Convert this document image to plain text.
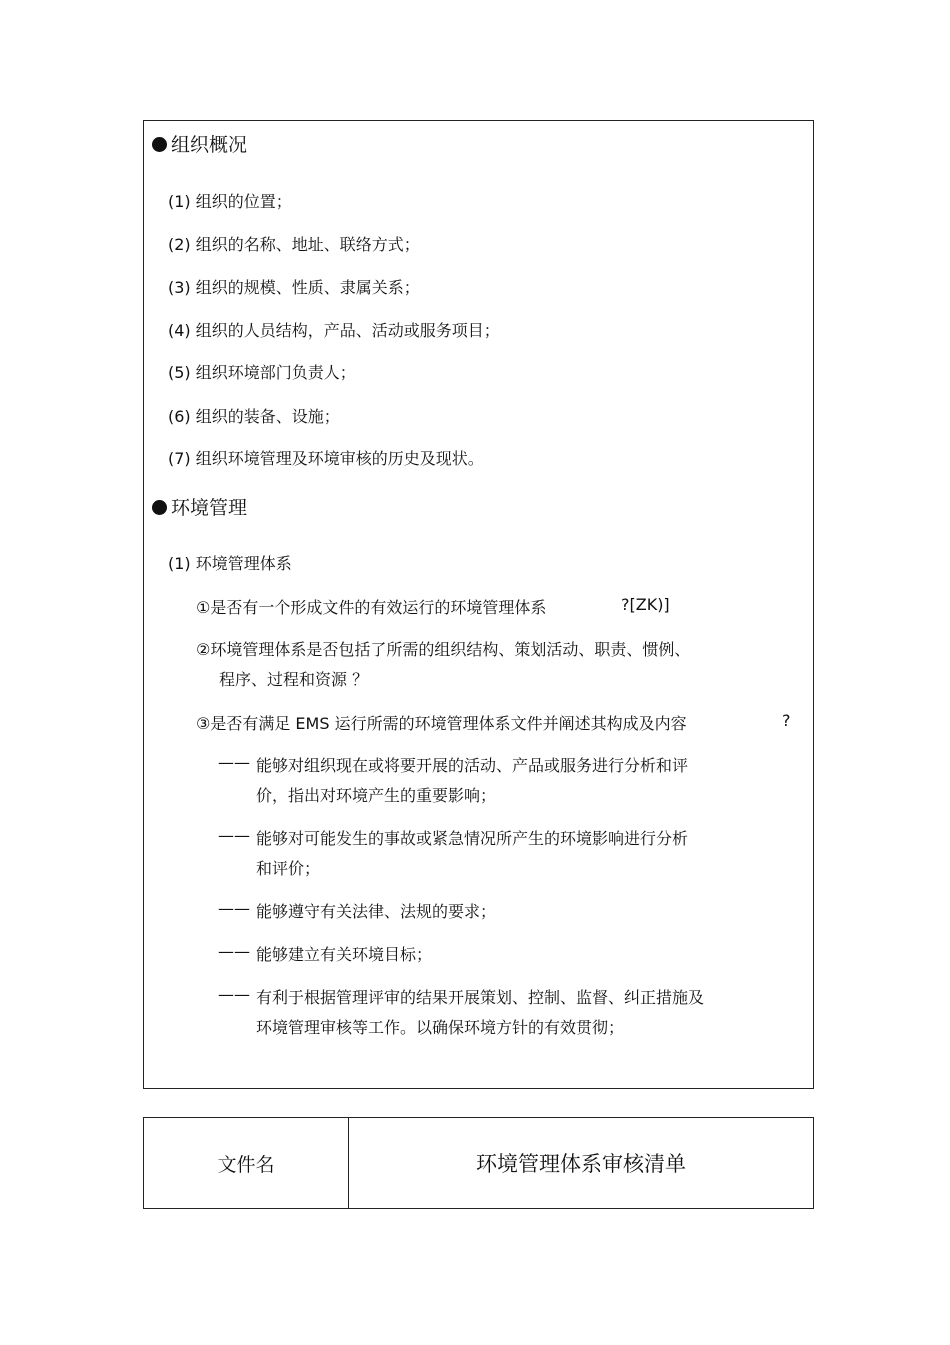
组织概况
(1) 组织的位置；
(2) 组织的名称、地址、联络方式；
(3) 组织的规模、性质、隶属关系；
(4) 组织的人员结构，产品、活动或服务项目；
(5) 组织环境部门负责人；
(6) 组织的装备、设施；
(7) 组织环境管理及环境审核的历史及现状。
环境管理
(1) 环境管理体系
①是否有一个形成文件的有效运行的环境管理体系	?[ZK)]
②环境管理体系是否包括了所需的组织结构、策划活动、职责、惯例、
程序、过程和资源 ？
③是否有满足 EMS 运行所需的环境管理体系文件并阐述其构成及内容	?
—— 能够对组织现在或将要开展的活动、产品或服务进行分析和评
价，指出对环境产生的重要影响；
—— 能够对可能发生的事故或紧急情况所产生的环境影响进行分析
和评价；
—— 能够遵守有关法律、法规的要求；
—— 能够建立有关环境目标；
—— 有利于根据管理评审的结果开展策划、控制、监督、纠正措施及
环境管理审核等工作。以确保环境方针的有效贯彻；
文件名	环境管理体系审核清单
